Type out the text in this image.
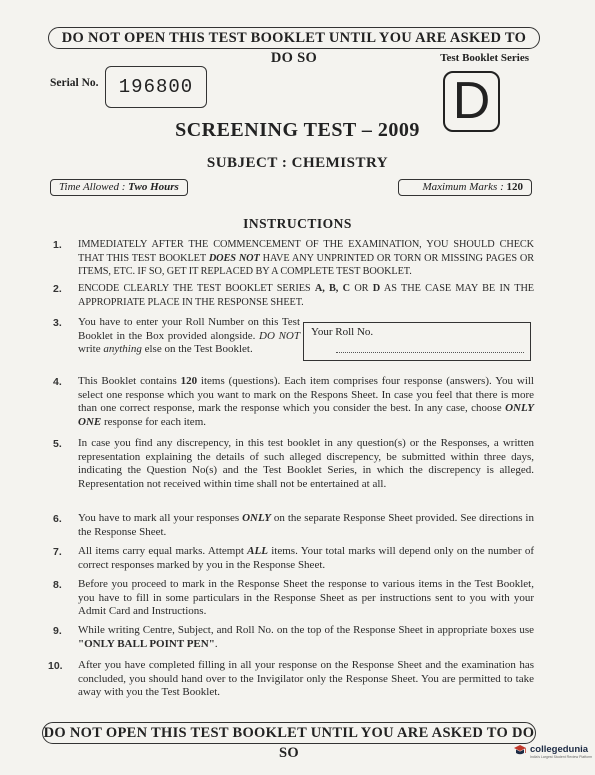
DO NOT OPEN THIS TEST BOOKLET UNTIL YOU ARE ASKED TO DO SO	Test Booklet Series
Serial No.	196800	D
SCREENING TEST – 2009
SUBJECT : CHEMISTRY
Time Allowed : Two Hours	Maximum Marks : 120
INSTRUCTIONS
1. IMMEDIATELY AFTER THE COMMENCEMENT OF THE EXAMINATION, YOU SHOULD CHECK THAT THIS TEST BOOKLET DOES NOT HAVE ANY UNPRINTED OR TORN OR MISSING PAGES OR ITEMS, ETC. IF SO, GET IT REPLACED BY A COMPLETE TEST BOOKLET.
2. ENCODE CLEARLY THE TEST BOOKLET SERIES A, B, C OR D AS THE CASE MAY BE IN THE APPROPRIATE PLACE IN THE RESPONSE SHEET.
3. You have to enter your Roll Number on this Test Booklet in the Box provided alongside. DO NOT write anything else on the Test Booklet.
Your Roll No.
4. This Booklet contains 120 items (questions). Each item comprises four response (answers). You will select one response which you want to mark on the Respons Sheet. In case you feel that there is more than one correct response, mark the response which you consider the best. In any case, choose ONLY ONE response for each item.
5. In case you find any discrepency, in this test booklet in any question(s) or the Responses, a written representation explaining the details of such alleged discrepency, be submitted within three days, indicating the Question No(s) and the Test Booklet Series, in which the discrepency is alleged. Representation not received within time shall not be entertained at all.
6. You have to mark all your responses ONLY on the separate Response Sheet provided. See directions in the Response Sheet.
7. All items carry equal marks. Attempt ALL items. Your total marks will depend only on the number of correct responses marked by you in the Response Sheet.
8. Before you proceed to mark in the Response Sheet the response to various items in the Test Booklet, you have to fill in some particulars in the Response Sheet as per instructions sent to you with your Admit Card and Instructions.
9. While writing Centre, Subject, and Roll No. on the top of the Response Sheet in appropriate boxes use "ONLY BALL POINT PEN".
10. After you have completed filling in all your response on the Response Sheet and the examination has concluded, you should hand over to the Invigilator only the Response Sheet. You are permitted to take away with you the Test Booklet.
DO NOT OPEN THIS TEST BOOKLET UNTIL YOU ARE ASKED TO DO SO	collegedunia
India's Largest Student Review Platform
